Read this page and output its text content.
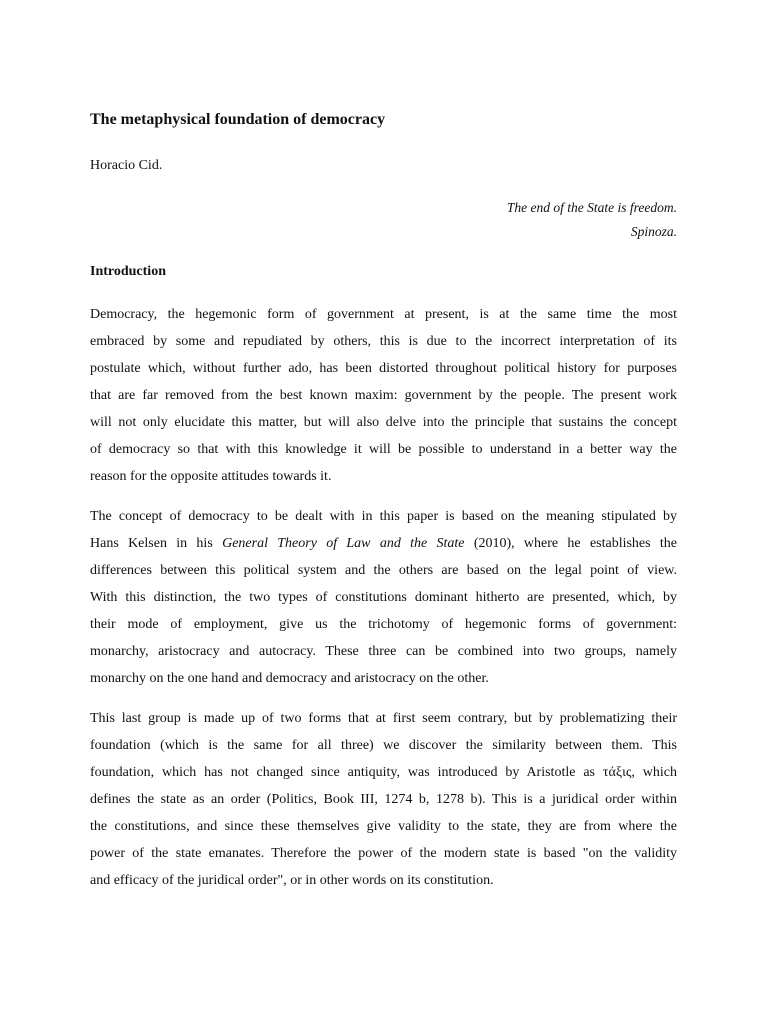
The metaphysical foundation of democracy

Horacio Cid.

The end of the State is freedom.
Spinoza.
Introduction
Democracy, the hegemonic form of government at present, is at the same time the most
embraced by some and repudiated by others, this is due to the incorrect interpretation of its
postulate which, without further ado, has been distorted throughout political history for purposes
that are far removed from the best known maxim: government by the people. The present work
will not only elucidate this matter, but will also delve into the principle that sustains the concept
of democracy so that with this knowledge it will be possible to understand in a better way the
reason for the opposite attitudes towards it.
The concept of democracy to be dealt with in this paper is based on the meaning stipulated by
Hans Kelsen in his General Theory of Law and the State (2010), where he establishes the
differences between this political system and the others are based on the legal point of view.
With this distinction, the two types of constitutions dominant hitherto are presented, which, by
their mode of employment, give us the trichotomy of hegemonic forms of government:
monarchy, aristocracy and autocracy. These three can be combined into two groups, namely
monarchy on the one hand and democracy and aristocracy on the other.
This last group is made up of two forms that at first seem contrary, but by problematizing their
foundation (which is the same for all three) we discover the similarity between them. This
foundation, which has not changed since antiquity, was introduced by Aristotle as τάξις, which
defines the state as an order (Politics, Book III, 1274 b, 1278 b). This is a juridical order within
the constitutions, and since these themselves give validity to the state, they are from where the
power of the state emanates. Therefore the power of the modern state is based "on the validity
and efficacy of the juridical order", or in other words on its constitution.
